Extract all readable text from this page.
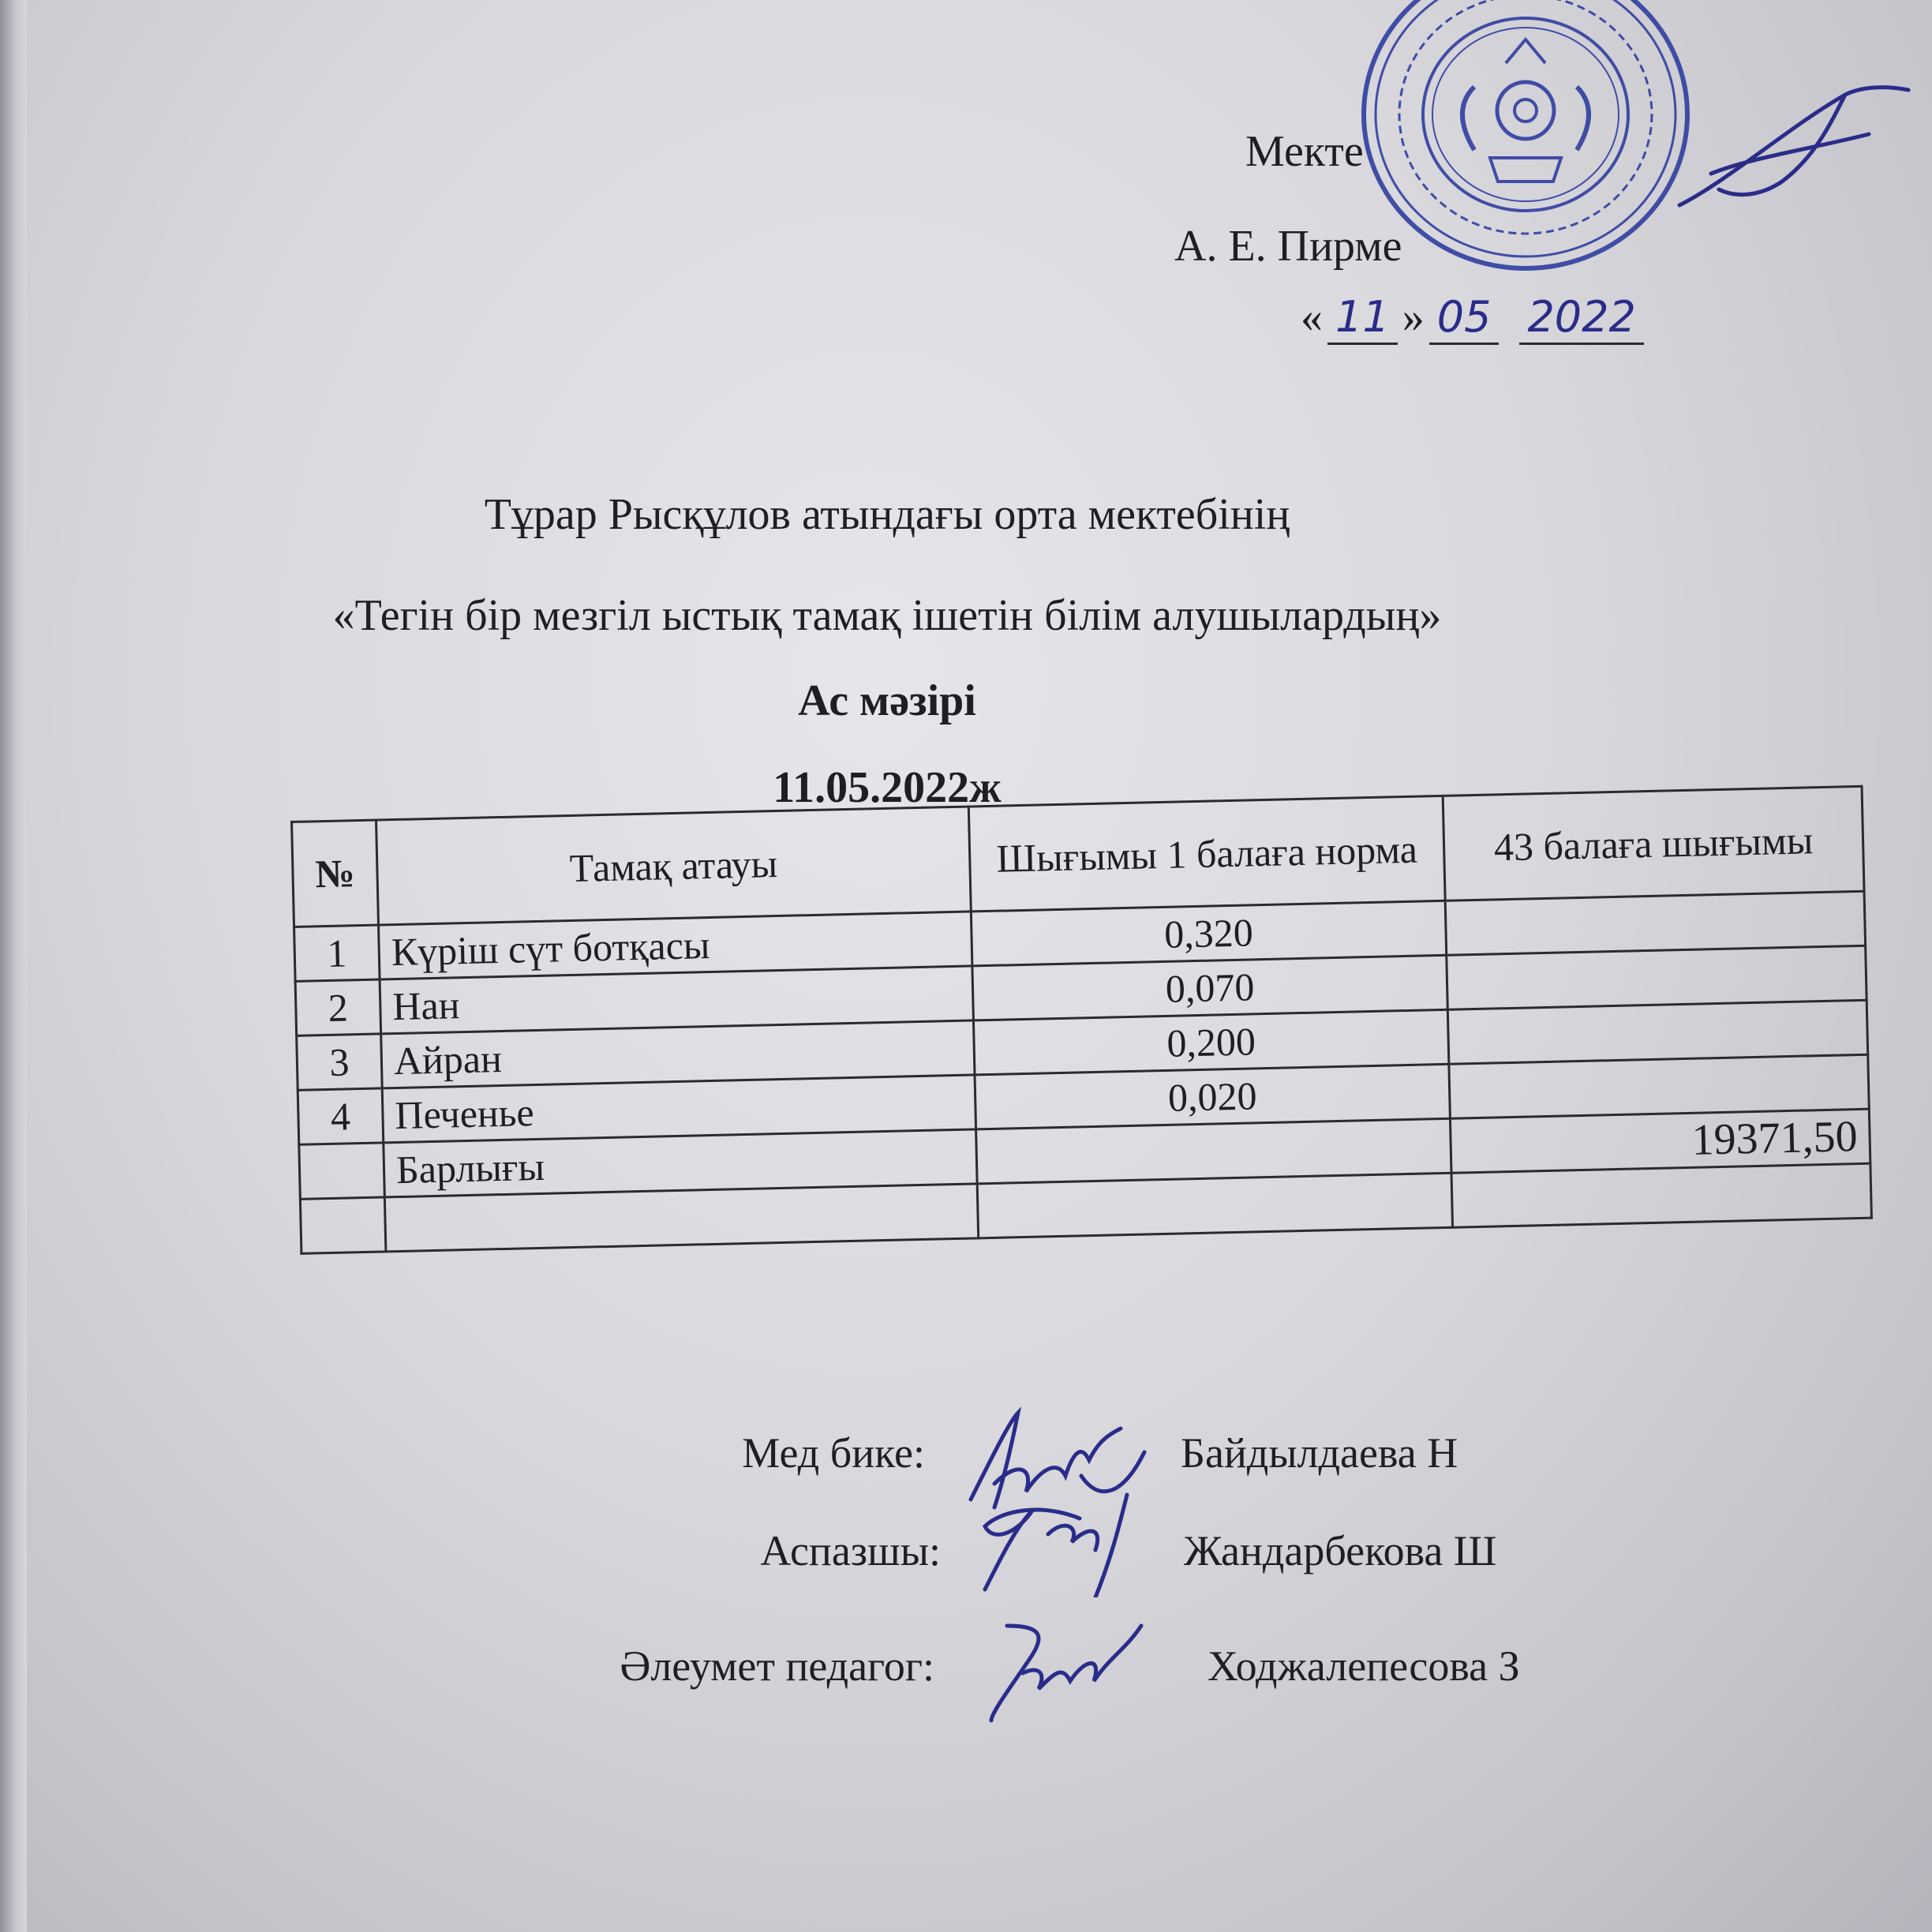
Мекте
А. Е. Пирме
« 11 » 05 2022

Тұрар Рысқұлов атындағы орта мектебінің

«Тегін бір мезгіл ыстық тамақ ішетін білім алушылардың»

Ас мәзірі

11.05.2022ж

№	Тамақ атауы	Шығымы 1 балаға норма	43 балаға шығымы
1	Күріш сүт ботқасы	0,320	
2	Нан	0,070	
3	Айран	0,200	
4	Печенье	0,020	
	Барлығы		19371,50

Мед бике:	Байдылдаева Н
Аспазшы:	Жандарбекова Ш
Әлеумет педагог:	Ходжалепесова З
